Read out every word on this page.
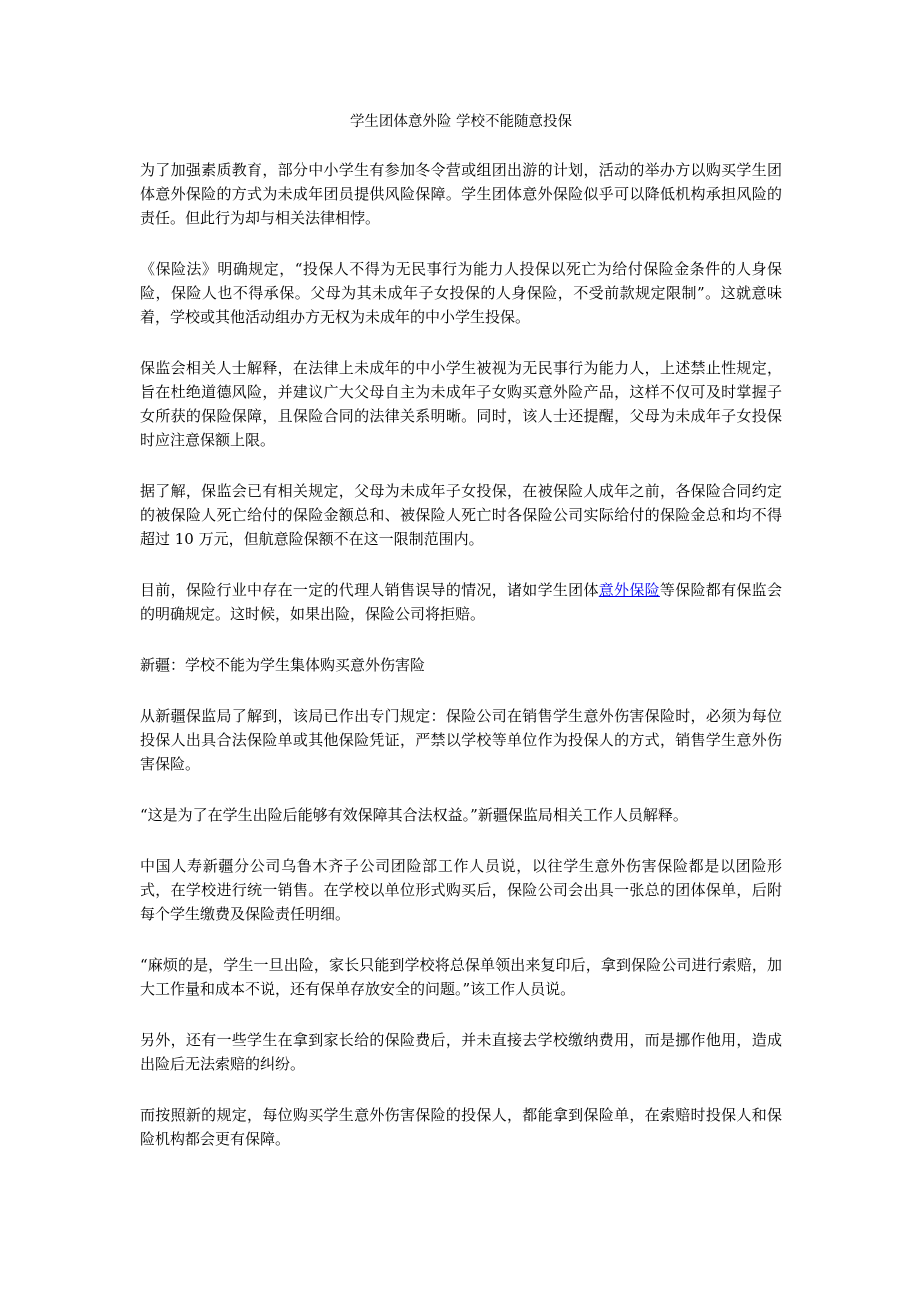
学生团体意外险 学校不能随意投保

为了加强素质教育，部分中小学生有参加冬令营或组团出游的计划，活动的举办方以购买学生团体意外保险的方式为未成年团员提供风险保障。学生团体意外保险似乎可以降低机构承担风险的责任。但此行为却与相关法律相悖。

《保险法》明确规定，“投保人不得为无民事行为能力人投保以死亡为给付保险金条件的人身保险，保险人也不得承保。父母为其未成年子女投保的人身保险，不受前款规定限制”。这就意味着，学校或其他活动组办方无权为未成年的中小学生投保。

保监会相关人士解释，在法律上未成年的中小学生被视为无民事行为能力人，上述禁止性规定，旨在杜绝道德风险，并建议广大父母自主为未成年子女购买意外险产品，这样不仅可及时掌握子女所获的保险保障，且保险合同的法律关系明晰。同时，该人士还提醒，父母为未成年子女投保时应注意保额上限。

据了解，保监会已有相关规定，父母为未成年子女投保，在被保险人成年之前，各保险合同约定的被保险人死亡给付的保险金额总和、被保险人死亡时各保险公司实际给付的保险金总和均不得超过 10 万元，但航意险保额不在这一限制范围内。

目前，保险行业中存在一定的代理人销售误导的情况，诸如学生团体意外保险等保险都有保监会的明确规定。这时候，如果出险，保险公司将拒赔。

新疆：学校不能为学生集体购买意外伤害险

从新疆保监局了解到，该局已作出专门规定：保险公司在销售学生意外伤害保险时，必须为每位投保人出具合法保险单或其他保险凭证，严禁以学校等单位作为投保人的方式，销售学生意外伤害保险。

“这是为了在学生出险后能够有效保障其合法权益。”新疆保监局相关工作人员解释。

中国人寿新疆分公司乌鲁木齐子公司团险部工作人员说，以往学生意外伤害保险都是以团险形式，在学校进行统一销售。在学校以单位形式购买后，保险公司会出具一张总的团体保单，后附每个学生缴费及保险责任明细。

“麻烦的是，学生一旦出险，家长只能到学校将总保单领出来复印后，拿到保险公司进行索赔，加大工作量和成本不说，还有保单存放安全的问题。”该工作人员说。

另外，还有一些学生在拿到家长给的保险费后，并未直接去学校缴纳费用，而是挪作他用，造成出险后无法索赔的纠纷。

而按照新的规定，每位购买学生意外伤害保险的投保人，都能拿到保险单，在索赔时投保人和保险机构都会更有保障。
